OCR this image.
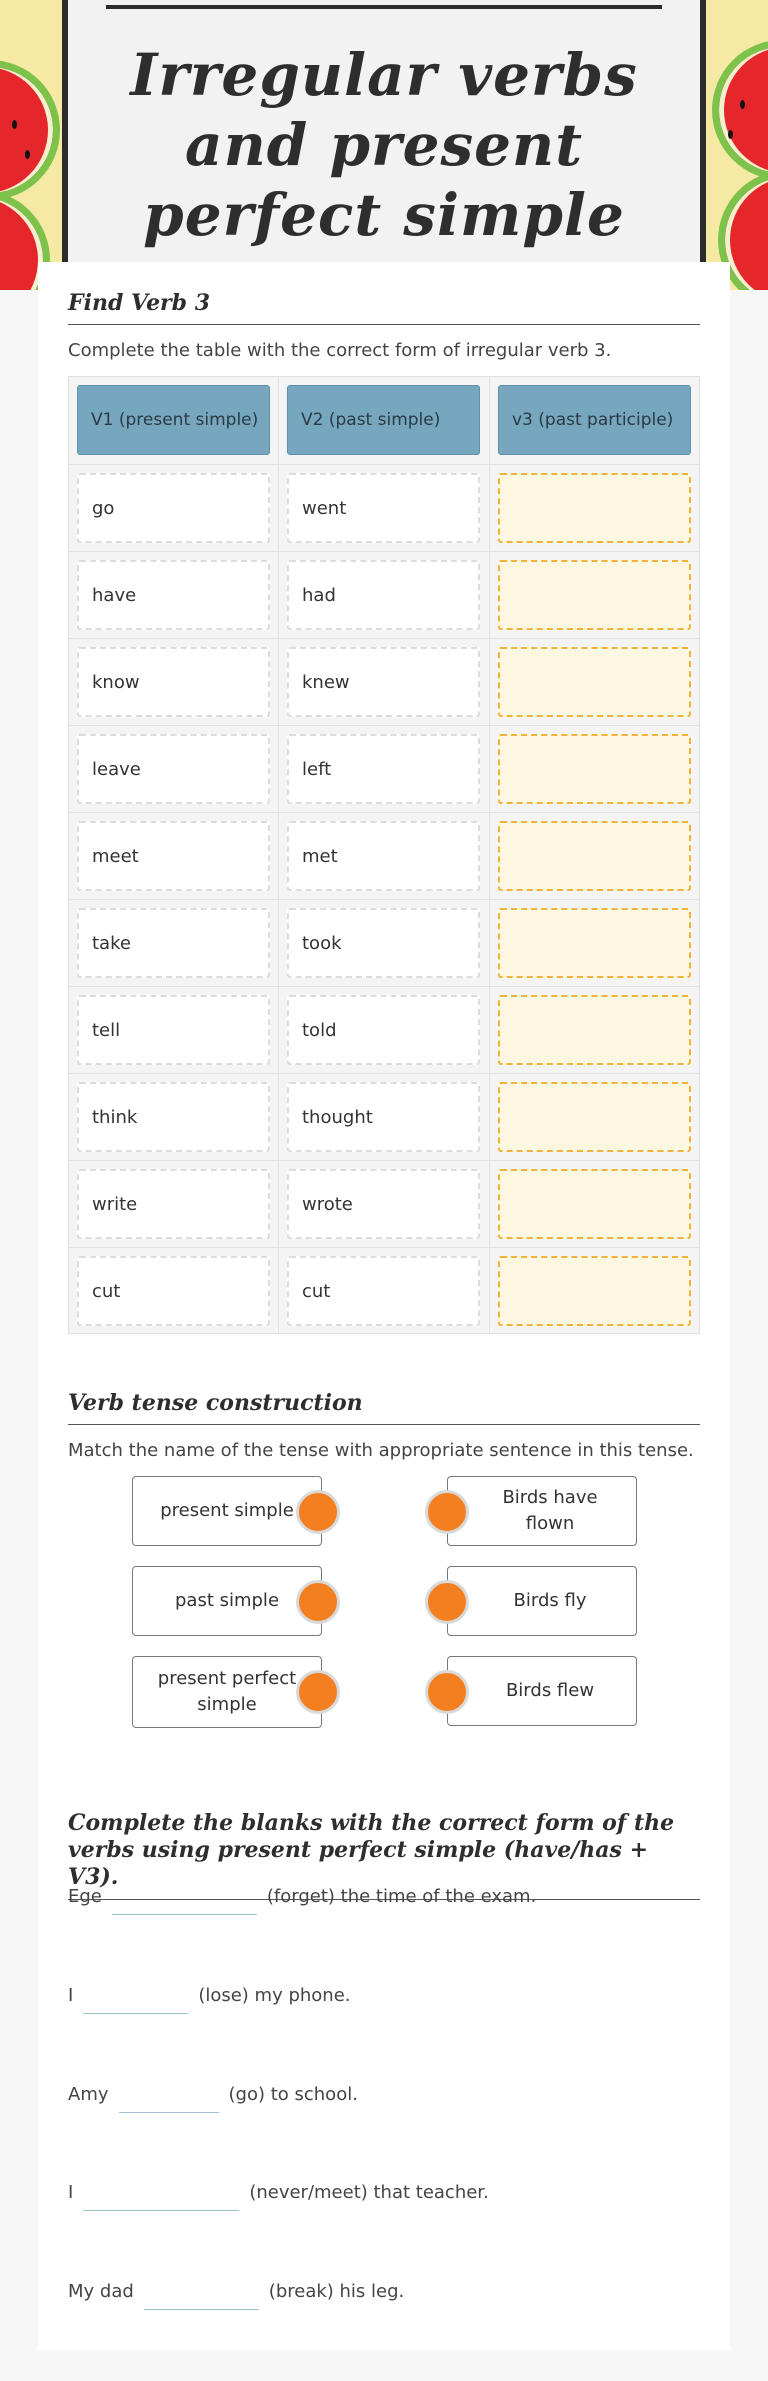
Irregular verbs and present perfect simple
Find Verb 3
Complete the table with the correct form of irregular verb 3.
V1 (present simple)	V2 (past simple)	v3 (past participle)
go	went
have	had
know	knew
leave	left
meet	met
take	took
tell	told
think	thought
write	wrote
cut	cut
Verb tense construction
Match the name of the tense with appropriate sentence in this tense.
present simple
Birds have flown
past simple	Birds fly
present perfect simple
Birds flew
Complete the blanks with the correct form of the verbs using present perfect simple (have/has + V3).
Ege	(forget) the time of the exam.
I	(lose) my phone.
Amy	(go) to school.
I	(never/meet) that teacher.
My dad	(break) his leg.
